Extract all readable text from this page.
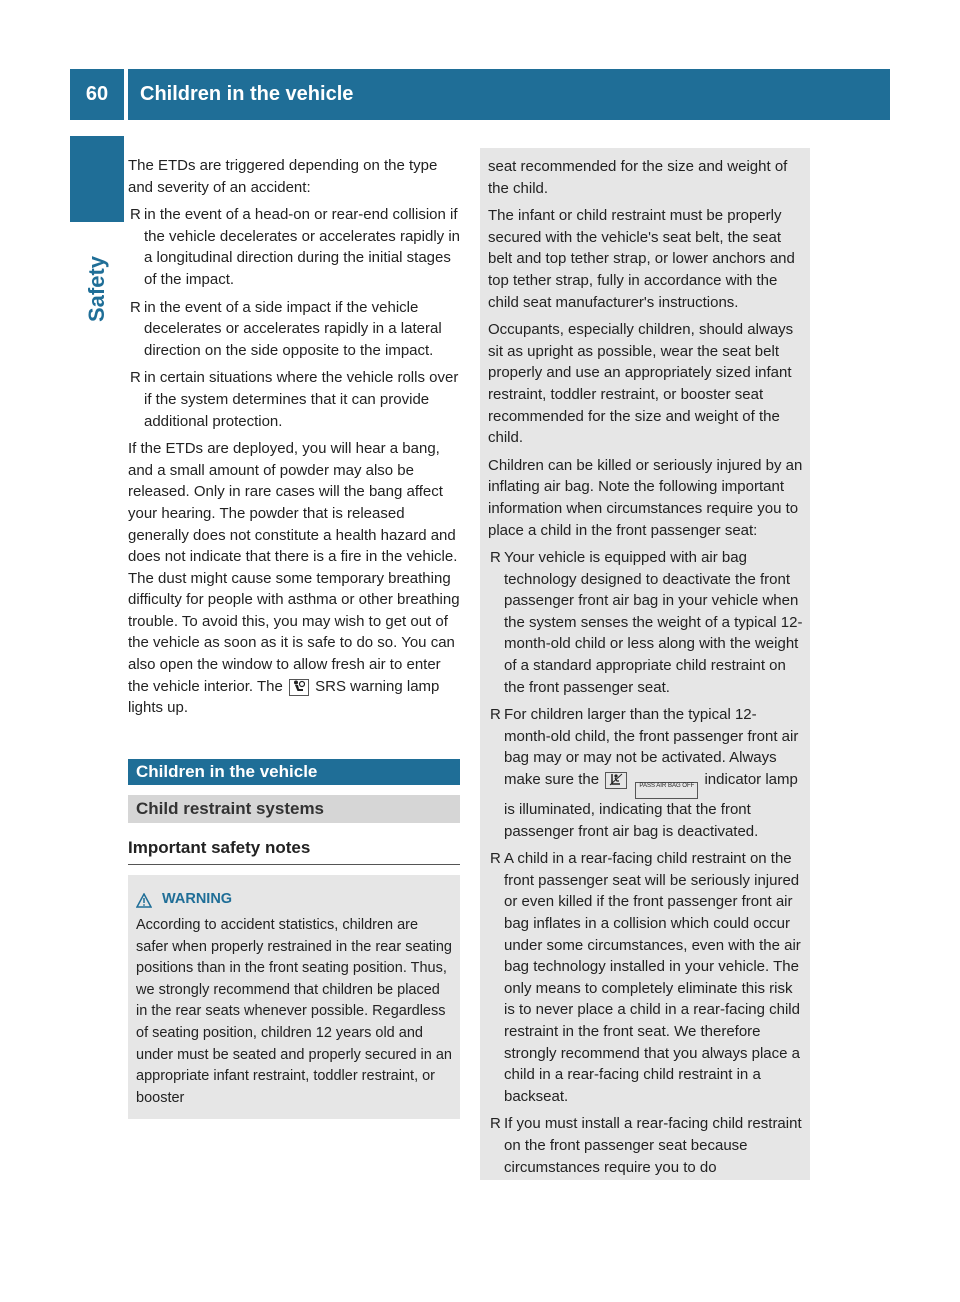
60	Children in the vehicle
Safety

The ETDs are triggered depending on the type and severity of an accident:

R in the event of a head-on or rear-end collision if the vehicle decelerates or accelerates rapidly in a longitudinal direction during the initial stages of the impact.
R in the event of a side impact if the vehicle decelerates or accelerates rapidly in a lateral direction on the side opposite to the impact.
R in certain situations where the vehicle rolls over if the system determines that it can provide additional protection.

If the ETDs are deployed, you will hear a bang, and a small amount of powder may also be released. Only in rare cases will the bang affect your hearing. The powder that is released generally does not constitute a health hazard and does not indicate that there is a fire in the vehicle. The dust might cause some temporary breathing difficulty for people with asthma or other breathing trouble. To avoid this, you may wish to get out of the vehicle as soon as it is safe to do so. You can also open the window to allow fresh air to enter the vehicle interior. The SRS warning lamp lights up.

Children in the vehicle
Child restraint systems
Important safety notes
WARNING
According to accident statistics, children are safer when properly restrained in the rear seating positions than in the front seating position. Thus, we strongly recommend that children be placed in the rear seats whenever possible. Regardless of seating position, children 12 years old and under must be seated and properly secured in an appropriate infant restraint, toddler restraint, or booster

seat recommended for the size and weight of the child.

The infant or child restraint must be properly secured with the vehicle's seat belt, the seat belt and top tether strap, or lower anchors and top tether strap, fully in accordance with the child seat manufacturer's instructions.

Occupants, especially children, should always sit as upright as possible, wear the seat belt properly and use an appropriately sized infant restraint, toddler restraint, or booster seat recommended for the size and weight of the child.

Children can be killed or seriously injured by an inflating air bag. Note the following important information when circumstances require you to place a child in the front passenger seat:

R Your vehicle is equipped with air bag technology designed to deactivate the front passenger front air bag in your vehicle when the system senses the weight of a typical 12-month-old child or less along with the weight of a standard appropriate child restraint on the front passenger seat.
R For children larger than the typical 12-month-old child, the front passenger front air bag may or may not be activated. Always make sure the	PASS AIR BAG OFF indicator lamp is illuminated, indicating that the front passenger front air bag is deactivated.
R A child in a rear-facing child restraint on the front passenger seat will be seriously injured or even killed if the front passenger front air bag inflates in a collision which could occur under some circumstances, even with the air bag technology installed in your vehicle. The only means to completely eliminate this risk is to never place a child in a rear-facing child restraint in the front seat. We therefore strongly recommend that you always place a child in a rear-facing child restraint in a backseat.
R If you must install a rear-facing child restraint on the front passenger seat because circumstances require you to do
